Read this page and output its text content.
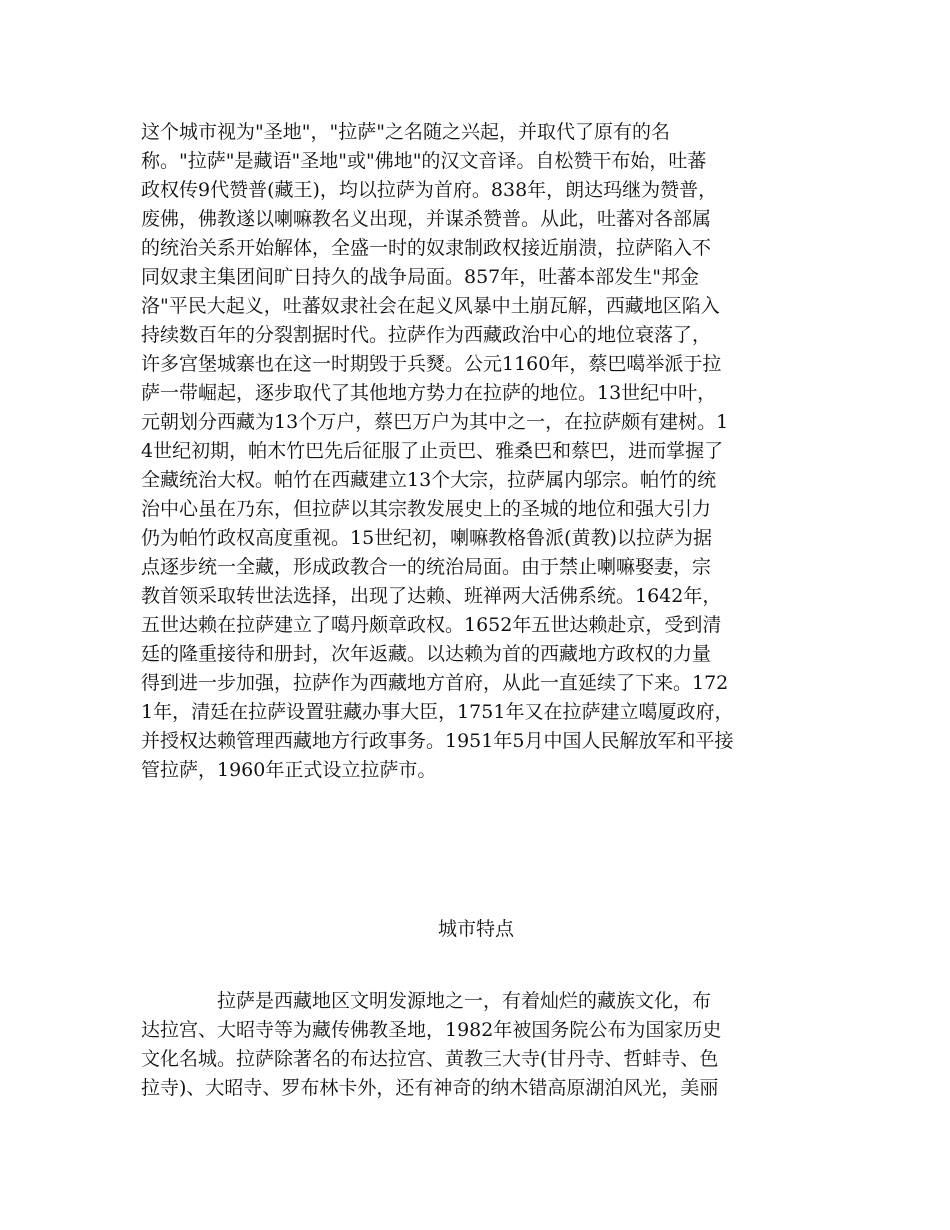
这个城市视为"圣地"，"拉萨"之名随之兴起，并取代了原有的名
称。"拉萨"是藏语"圣地"或"佛地"的汉文音译。自松赞干布始，吐蕃
政权传9代赞普(藏王)，均以拉萨为首府。838年，朗达玛继为赞普，
废佛，佛教遂以喇嘛教名义出现，并谋杀赞普。从此，吐蕃对各部属
的统治关系开始解体，全盛一时的奴隶制政权接近崩溃，拉萨陷入不
同奴隶主集团间旷日持久的战争局面。857年，吐蕃本部发生"邦金
洛"平民大起义，吐蕃奴隶社会在起义风暴中土崩瓦解，西藏地区陷入
持续数百年的分裂割据时代。拉萨作为西藏政治中心的地位衰落了，
许多宫堡城寨也在这一时期毁于兵燹。公元1160年，蔡巴噶举派于拉
萨一带崛起，逐步取代了其他地方势力在拉萨的地位。13世纪中叶，
元朝划分西藏为13个万户，蔡巴万户为其中之一，在拉萨颇有建树。1
4世纪初期，帕木竹巴先后征服了止贡巴、雅桑巴和蔡巴，进而掌握了
全藏统治大权。帕竹在西藏建立13个大宗，拉萨属内邬宗。帕竹的统
治中心虽在乃东，但拉萨以其宗教发展史上的圣城的地位和强大引力
仍为帕竹政权高度重视。15世纪初，喇嘛教格鲁派(黄教)以拉萨为据
点逐步统一全藏，形成政教合一的统治局面。由于禁止喇嘛娶妻，宗
教首领采取转世法选择，出现了达赖、班禅两大活佛系统。1642年，
五世达赖在拉萨建立了噶丹颇章政权。1652年五世达赖赴京，受到清
廷的隆重接待和册封，次年返藏。以达赖为首的西藏地方政权的力量
得到进一步加强，拉萨作为西藏地方首府，从此一直延续了下来。172
1年，清廷在拉萨设置驻藏办事大臣，1751年又在拉萨建立噶厦政府，
并授权达赖管理西藏地方行政事务。1951年5月中国人民解放军和平接
管拉萨，1960年正式设立拉萨市。
城市特点
　　　　拉萨是西藏地区文明发源地之一，有着灿烂的藏族文化，布
达拉宫、大昭寺等为藏传佛教圣地，1982年被国务院公布为国家历史
文化名城。拉萨除著名的布达拉宫、黄教三大寺(甘丹寺、哲蚌寺、色
拉寺)、大昭寺、罗布林卡外，还有神奇的纳木错高原湖泊风光，美丽
